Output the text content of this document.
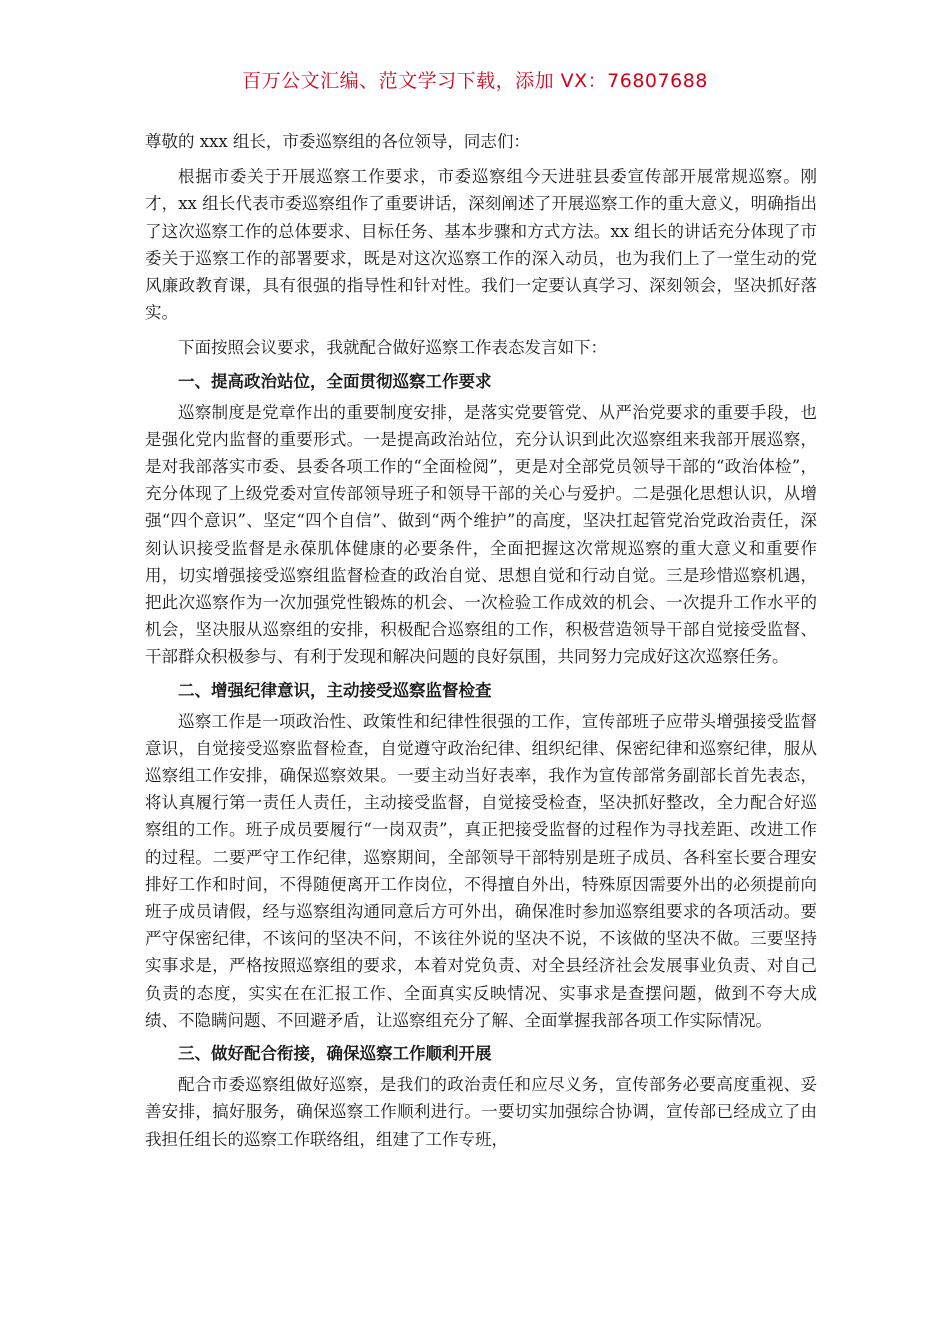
百万公文汇编、范文学习下载，添加 VX：76807688

尊敬的 xxx 组长，市委巡察组的各位领导，同志们：

根据市委关于开展巡察工作要求，市委巡察组今天进驻县委宣传部开展常规巡察。刚才，xx 组长代表市委巡察组作了重要讲话，深刻阐述了开展巡察工作的重大意义，明确指出了这次巡察工作的总体要求、目标任务、基本步骤和方式方法。xx 组长的讲话充分体现了市委关于巡察工作的部署要求，既是对这次巡察工作的深入动员，也为我们上了一堂生动的党风廉政教育课，具有很强的指导性和针对性。我们一定要认真学习、深刻领会，坚决抓好落实。

下面按照会议要求，我就配合做好巡察工作表态发言如下：

一、提高政治站位，全面贯彻巡察工作要求

巡察制度是党章作出的重要制度安排，是落实党要管党、从严治党要求的重要手段，也是强化党内监督的重要形式。一是提高政治站位，充分认识到此次巡察组来我部开展巡察，是对我部落实市委、县委各项工作的“全面检阅”，更是对全部党员领导干部的“政治体检”，充分体现了上级党委对宣传部领导班子和领导干部的关心与爱护。二是强化思想认识，从增强“四个意识”、坚定“四个自信”、做到“两个维护”的高度，坚决扛起管党治党政治责任，深刻认识接受监督是永葆肌体健康的必要条件，全面把握这次常规巡察的重大意义和重要作用，切实增强接受巡察组监督检查的政治自觉、思想自觉和行动自觉。三是珍惜巡察机遇，把此次巡察作为一次加强党性锻炼的机会、一次检验工作成效的机会、一次提升工作水平的机会，坚决服从巡察组的安排，积极配合巡察组的工作，积极营造领导干部自觉接受监督、干部群众积极参与、有利于发现和解决问题的良好氛围，共同努力完成好这次巡察任务。

二、增强纪律意识，主动接受巡察监督检查

巡察工作是一项政治性、政策性和纪律性很强的工作，宣传部班子应带头增强接受监督意识，自觉接受巡察监督检查，自觉遵守政治纪律、组织纪律、保密纪律和巡察纪律，服从巡察组工作安排，确保巡察效果。一要主动当好表率，我作为宣传部常务副部长首先表态，将认真履行第一责任人责任，主动接受监督，自觉接受检查，坚决抓好整改，全力配合好巡察组的工作。班子成员要履行“一岗双责”，真正把接受监督的过程作为寻找差距、改进工作的过程。二要严守工作纪律，巡察期间，全部领导干部特别是班子成员、各科室长要合理安排好工作和时间，不得随便离开工作岗位，不得擅自外出，特殊原因需要外出的必须提前向班子成员请假，经与巡察组沟通同意后方可外出，确保准时参加巡察组要求的各项活动。要严守保密纪律，不该问的坚决不问，不该往外说的坚决不说，不该做的坚决不做。三要坚持实事求是，严格按照巡察组的要求，本着对党负责、对全县经济社会发展事业负责、对自己负责的态度，实实在在汇报工作、全面真实反映情况、实事求是查摆问题，做到不夸大成绩、不隐瞒问题、不回避矛盾，让巡察组充分了解、全面掌握我部各项工作实际情况。

三、做好配合衔接，确保巡察工作顺利开展

配合市委巡察组做好巡察，是我们的政治责任和应尽义务，宣传部务必要高度重视、妥善安排，搞好服务，确保巡察工作顺利进行。一要切实加强综合协调，宣传部已经成立了由我担任组长的巡察工作联络组，组建了工作专班，
